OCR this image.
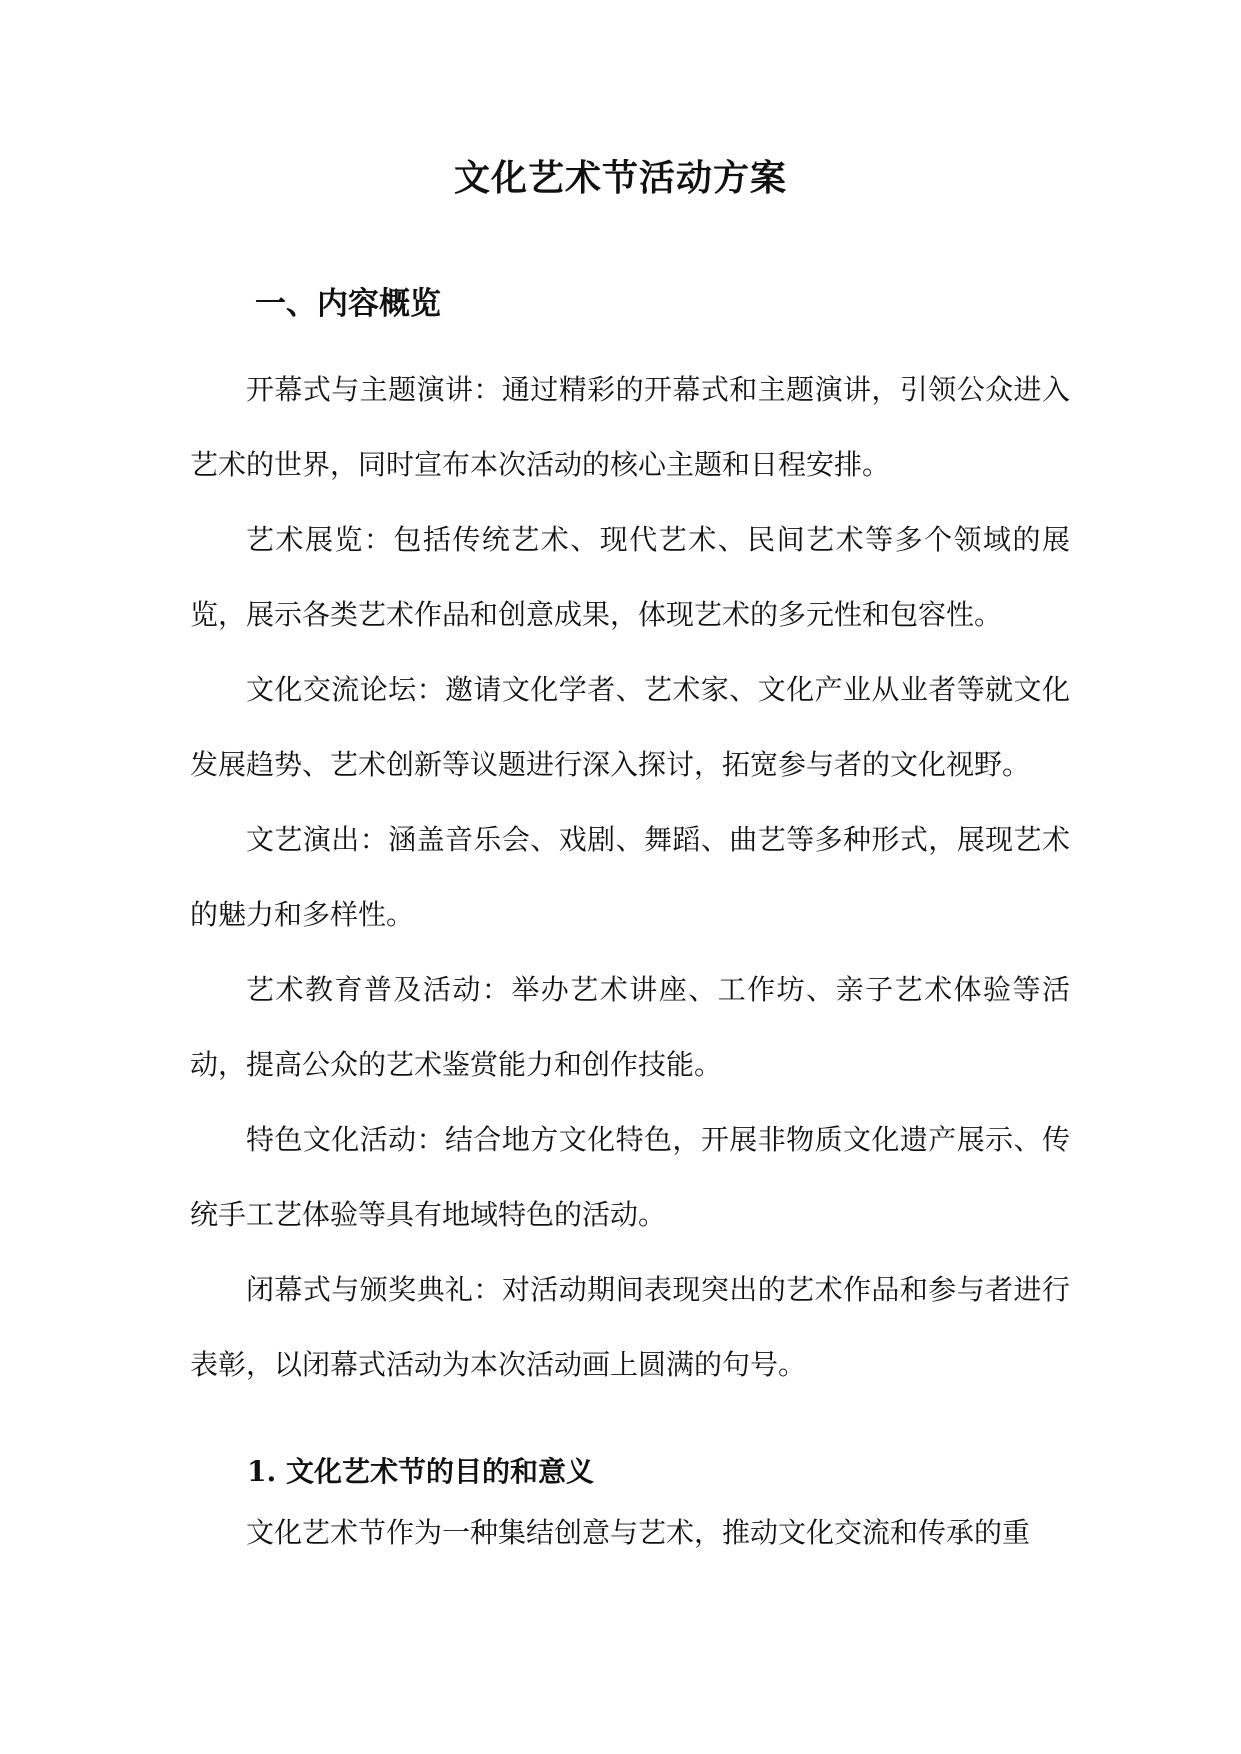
文化艺术节活动方案
一、内容概览

开幕式与主题演讲：通过精彩的开幕式和主题演讲，引领公众进入艺术的世界，同时宣布本次活动的核心主题和日程安排。

艺术展览：包括传统艺术、现代艺术、民间艺术等多个领域的展览，展示各类艺术作品和创意成果，体现艺术的多元性和包容性。

文化交流论坛：邀请文化学者、艺术家、文化产业从业者等就文化发展趋势、艺术创新等议题进行深入探讨，拓宽参与者的文化视野。

文艺演出：涵盖音乐会、戏剧、舞蹈、曲艺等多种形式，展现艺术的魅力和多样性。

艺术教育普及活动：举办艺术讲座、工作坊、亲子艺术体验等活动，提高公众的艺术鉴赏能力和创作技能。

特色文化活动：结合地方文化特色，开展非物质文化遗产展示、传统手工艺体验等具有地域特色的活动。

闭幕式与颁奖典礼：对活动期间表现突出的艺术作品和参与者进行表彰，以闭幕式活动为本次活动画上圆满的句号。

1. 文化艺术节的目的和意义

文化艺术节作为一种集结创意与艺术，推动文化交流和传承的重
